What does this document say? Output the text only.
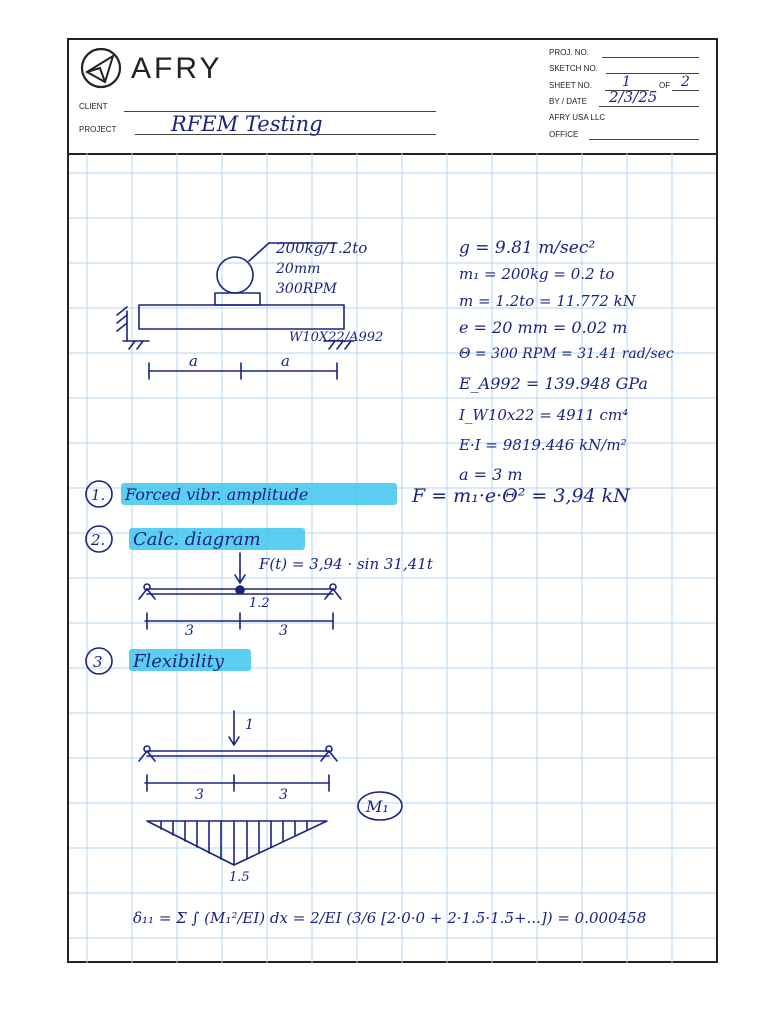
AFRY
CLIENT
PROJECT	RFEM Testing
PROJ. NO.
SKETCH NO.
SHEET NO. 1	OF 2
BY / DATE 2/3/25
AFRY USA LLC
OFFICE
200kg/1.2to
20mm
300RPM
W10X22/A992
a	a
g = 9.81 m/sec²
m₁ = 200kg = 0.2 to
m = 1.2to = 11.772 kN
e = 20 mm = 0.02 m
Θ = 300 RPM = 31.41 rad/sec
E_A992 = 139.948 GPa
I_W10x22 = 4911 cm⁴
E·I = 9819.446 kN/m²
a = 3 m
1. Forced vibr. amplitude	F = m₁·e·Θ² = 3,94 kN
2. Calc. diagram
F(t) = 3,94 · sin 31,41t
1.2
3	3
3 Flexibility
1
3	3
M₁
1.5
δ₁₁ = Σ ∫ (M₁²/EI) dx = 2/EI (3/6 [2·0·0 + 2·1.5·1.5+...]) = 0.000458
